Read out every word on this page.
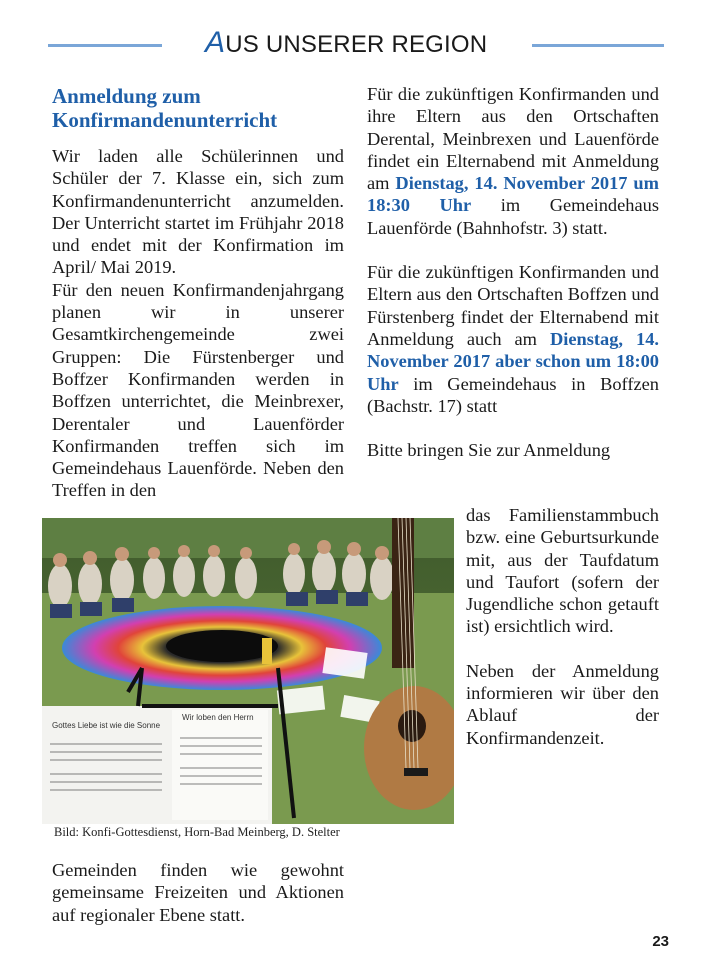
AUS UNSERER REGION
Anmeldung zum Konfirmandenunterricht

Wir laden alle Schülerinnen und Schüler der 7. Klasse ein, sich zum Konfirmandenunterricht anzumelden. Der Unterricht startet im Frühjahr 2018 und endet mit der Konfirmation im April/ Mai 2019.

Für den neuen Konfirmandenjahrgang planen wir in unserer Gesamtkirchengemeinde zwei Gruppen: Die Fürstenberger und Boffzer Konfirmanden werden in Boffzen unterrichtet, die Meinbrexer, Derentaler und Lauenförder Konfirmanden treffen sich im Gemeindehaus Lauenförde. Neben den Treffen in den

Für die zukünftigen Konfirmanden und ihre Eltern aus den Ortschaften Derental, Meinbrexen und Lauenförde findet ein Elternabend mit Anmeldung am Dienstag, 14. November 2017 um 18:30 Uhr im Gemeindehaus Lauenförde (Bahnhofstr. 3) statt.

Für die zukünftigen Konfirmanden und Eltern aus den Ortschaften Boffzen und Fürstenberg findet der Elternabend mit Anmeldung auch am Dienstag, 14. November 2017 aber schon um 18:00 Uhr im Gemeindehaus in Boffzen (Bachstr. 17) statt

Bitte bringen Sie zur Anmeldung

das Familienstammbuch bzw. eine Geburtsurkunde mit, aus der Taufdatum und Taufort (sofern der Jugendliche schon getauft ist) ersichtlich wird.

Neben der Anmeldung informieren wir über den Ablauf der Konfirmandenzeit.

Gottes Liebe ist wie die Sonne
Wir loben den Herrn
Bild: Konfi-Gottesdienst, Horn-Bad Meinberg, D. Stelter

Gemeinden finden wie gewohnt gemeinsame Freizeiten und Aktionen auf regionaler Ebene statt.

23
